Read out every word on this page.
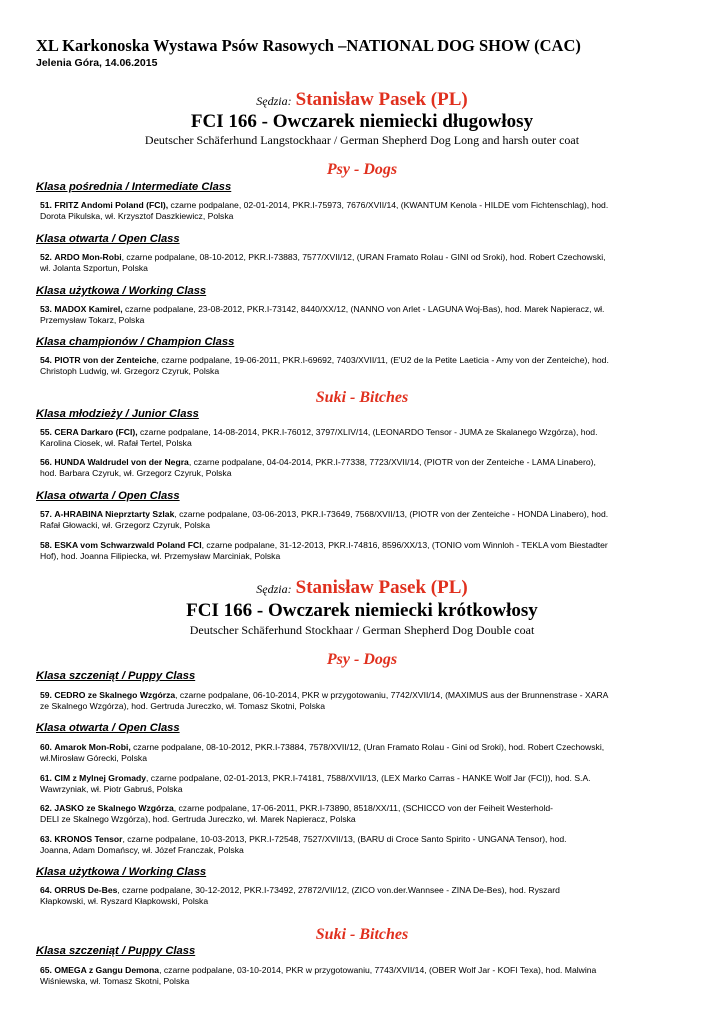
XL Karkonoska Wystawa Psów Rasowych –NATIONAL DOG SHOW (CAC)
Jelenia Góra, 14.06.2015
Sędzia: Stanisław Pasek (PL)
FCI 166 - Owczarek niemiecki długowłosy
Deutscher Schäferhund Langstockhaar / German Shepherd Dog Long and harsh outer coat
Psy - Dogs
Klasa pośrednia / Intermediate Class
51. FRITZ Andomi Poland (FCI), czarne podpalane, 02-01-2014, PKR.I-75973, 7676/XVII/14, (KWANTUM Kenola - HILDE vom Fichtenschlag), hod.
Dorota Pikulska, wł. Krzysztof Daszkiewicz, Polska
Klasa otwarta / Open Class
52. ARDO Mon-Robi, czarne podpalane, 08-10-2012, PKR.I-73883, 7577/XVII/12, (URAN Framato Rolau - GINI od Sroki), hod. Robert Czechowski,
wł. Jolanta Szportun, Polska
Klasa użytkowa / Working Class
53. MADOX Kamirel, czarne podpalane, 23-08-2012, PKR.I-73142, 8440/XX/12, (NANNO von Arlet - LAGUNA Woj-Bas), hod. Marek Napieracz, wł.
Przemysław Tokarz, Polska
Klasa championów / Champion Class
54. PIOTR von der Zenteiche, czarne podpalane, 19-06-2011, PKR.I-69692, 7403/XVII/11, (E'U2 de la Petite Laeticia - Amy von der Zenteiche), hod.
Christoph Ludwig, wł. Grzegorz Czyruk, Polska
Suki - Bitches
Klasa młodzieży / Junior Class
55. CERA Darkaro (FCI), czarne podpalane, 14-08-2014, PKR.I-76012, 3797/XLIV/14, (LEONARDO Tensor - JUMA ze Skalanego Wzgórza), hod.
Karolina Ciosek, wł. Rafał Tertel, Polska
56. HUNDA Waldrudel von der Negra, czarne podpalane, 04-04-2014, PKR.I-77338, 7723/XVII/14, (PIOTR von der Zenteiche - LAMA Linabero),
hod. Barbara Czyruk, wł. Grzegorz Czyruk, Polska
Klasa otwarta / Open Class
57. A-HRABINA Nieprztarty Szlak, czarne podpalane, 03-06-2013, PKR.I-73649, 7568/XVII/13, (PIOTR von der Zenteiche - HONDA Linabero), hod.
Rafał Głowacki, wł. Grzegorz Czyruk, Polska
58. ESKA vom Schwarzwald Poland FCI, czarne podpalane, 31-12-2013, PKR.I-74816, 8596/XX/13, (TONIO vom Winnloh - TEKLA vom Biestadter
Hof), hod. Joanna Filipiecka, wł. Przemysław Marciniak, Polska
Sędzia: Stanisław Pasek (PL)
FCI 166 - Owczarek niemiecki krótkowłosy
Deutscher Schäferhund Stockhaar / German Shepherd Dog Double coat
Psy - Dogs
Klasa szczeniąt / Puppy Class
59. CEDRO ze Skalnego Wzgórza, czarne podpalane, 06-10-2014, PKR w przygotowaniu, 7742/XVII/14, (MAXIMUS aus der Brunnenstrase - XARA
ze Skalnego Wzgórza), hod. Gertruda Jureczko, wł. Tomasz Skotni, Polska
Klasa otwarta / Open Class
60. Amarok Mon-Robi, czarne podpalane, 08-10-2012, PKR.I-73884, 7578/XVII/12, (Uran Framato Rolau - Gini od Sroki), hod. Robert Czechowski,
wł.Mirosław Górecki, Polska
61. CIM z Mylnej Gromady, czarne podpalane, 02-01-2013, PKR.I-74181, 7588/XVII/13, (LEX Marko Carras - HANKE Wolf Jar (FCI)), hod. S.A.
Wawrzyniak, wł. Piotr Gabruś, Polska
62. JASKO ze Skalnego Wzgórza, czarne podpalane, 17-06-2011, PKR.I-73890, 8518/XX/11, (SCHICCO von der Feiheit Westerhold-
DELI ze Skalnego Wzgórza), hod. Gertruda Jureczko, wł. Marek Napieracz, Polska
63. KRONOS Tensor, czarne podpalane, 10-03-2013, PKR.I-72548, 7527/XVII/13, (BARU di Croce Santo Spirito - UNGANA Tensor), hod.
Joanna, Adam Domańscy, wł. Józef Franczak, Polska
Klasa użytkowa / Working Class
64. ORRUS De-Bes, czarne podpalane, 30-12-2012, PKR.I-73492, 27872/VII/12, (ZICO von.der.Wannsee - ZINA De-Bes), hod. Ryszard
Kłapkowski, wł. Ryszard Kłapkowski, Polska
Suki - Bitches
Klasa szczeniąt / Puppy Class
65. OMEGA z Gangu Demona, czarne podpalane, 03-10-2014, PKR w przygotowaniu, 7743/XVII/14, (OBER Wolf Jar - KOFI Texa), hod. Malwina
Wiśniewska, wł. Tomasz Skotni, Polska
